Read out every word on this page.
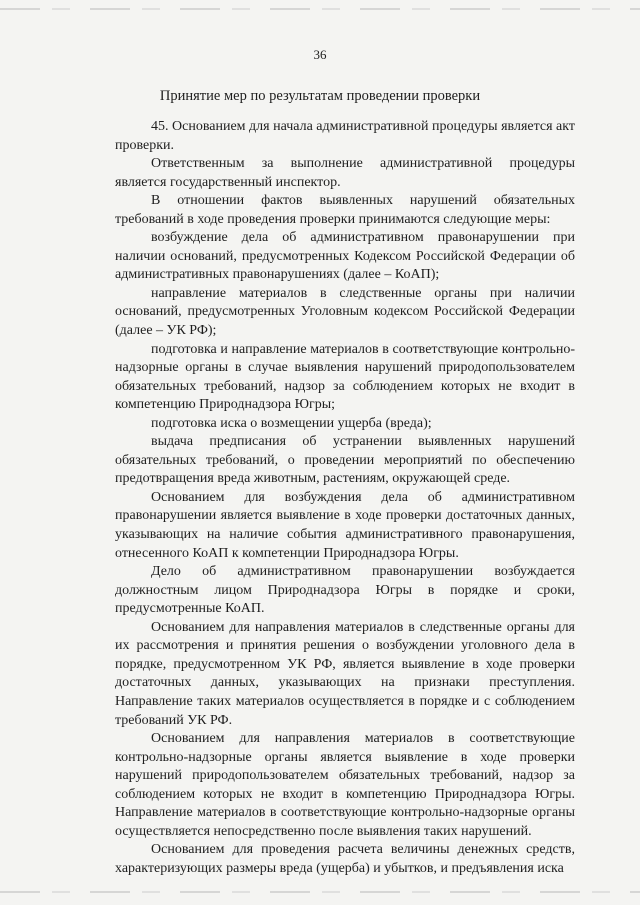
36
Принятие мер по результатам проведении проверки

45. Основанием для начала административной процедуры является акт проверки.

Ответственным за выполнение административной процедуры является государственный инспектор.

В отношении фактов выявленных нарушений обязательных требований в ходе проведения проверки принимаются следующие меры:

возбуждение дела об административном правонарушении при наличии оснований, предусмотренных Кодексом Российской Федерации об административных правонарушениях (далее – КоАП);

направление материалов в следственные органы при наличии оснований, предусмотренных Уголовным кодексом Российской Федерации (далее – УК РФ);

подготовка и направление материалов в соответствующие контрольно-надзорные органы в случае выявления нарушений природопользователем обязательных требований, надзор за соблюдением которых не входит в компетенцию Природнадзора Югры;

подготовка иска о возмещении ущерба (вреда);

выдача предписания об устранении выявленных нарушений обязательных требований, о проведении мероприятий по обеспечению предотвращения вреда животным, растениям, окружающей среде.

Основанием для возбуждения дела об административном правонарушении является выявление в ходе проверки достаточных данных, указывающих на наличие события административного правонарушения, отнесенного КоАП к компетенции Природнадзора Югры.

Дело об административном правонарушении возбуждается должностным лицом Природнадзора Югры в порядке и сроки, предусмотренные КоАП.

Основанием для направления материалов в следственные органы для их рассмотрения и принятия решения о возбуждении уголовного дела в порядке, предусмотренном УК РФ, является выявление в ходе проверки достаточных данных, указывающих на признаки преступления. Направление таких материалов осуществляется в порядке и с соблюдением требований УК РФ.

Основанием для направления материалов в соответствующие контрольно-надзорные органы является выявление в ходе проверки нарушений природопользователем обязательных требований, надзор за соблюдением которых не входит в компетенцию Природнадзора Югры. Направление материалов в соответствующие контрольно-надзорные органы осуществляется непосредственно после выявления таких нарушений.

Основанием для проведения расчета величины денежных средств, характеризующих размеры вреда (ущерба) и убытков, и предъявления иска
